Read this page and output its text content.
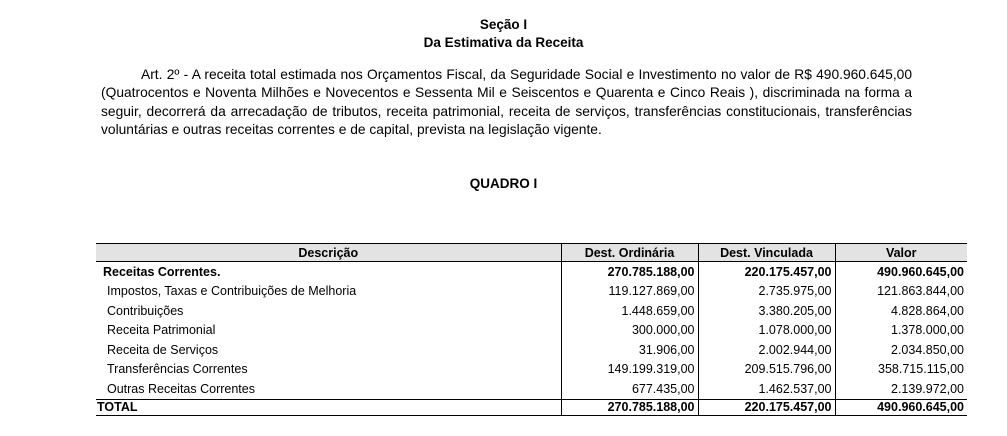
Seção I
Da Estimativa da Receita
Art. 2º - A receita total estimada nos Orçamentos Fiscal, da Seguridade Social e Investimento no valor de R$ 490.960.645,00 (Quatrocentos e Noventa Milhões e Novecentos e Sessenta Mil e Seiscentos e Quarenta e Cinco Reais ), discriminada na forma a seguir, decorrerá da arrecadação de tributos, receita patrimonial, receita de serviços, transferências constitucionais, transferências voluntárias e outras receitas correntes e de capital, prevista na legislação vigente.
QUADRO I
Descrição	Dest. Ordinária	Dest. Vinculada	Valor
Receitas Correntes.	270.785.188,00	220.175.457,00	490.960.645,00
Impostos, Taxas e Contribuições de Melhoria	119.127.869,00	2.735.975,00	121.863.844,00
Contribuições	1.448.659,00	3.380.205,00	4.828.864,00
Receita Patrimonial	300.000,00	1.078.000,00	1.378.000,00
Receita de Serviços	31.906,00	2.002.944,00	2.034.850,00
Transferências Correntes	149.199.319,00	209.515.796,00	358.715.115,00
Outras Receitas Correntes	677.435,00	1.462.537,00	2.139.972,00
TOTAL	270.785.188,00	220.175.457,00	490.960.645,00
